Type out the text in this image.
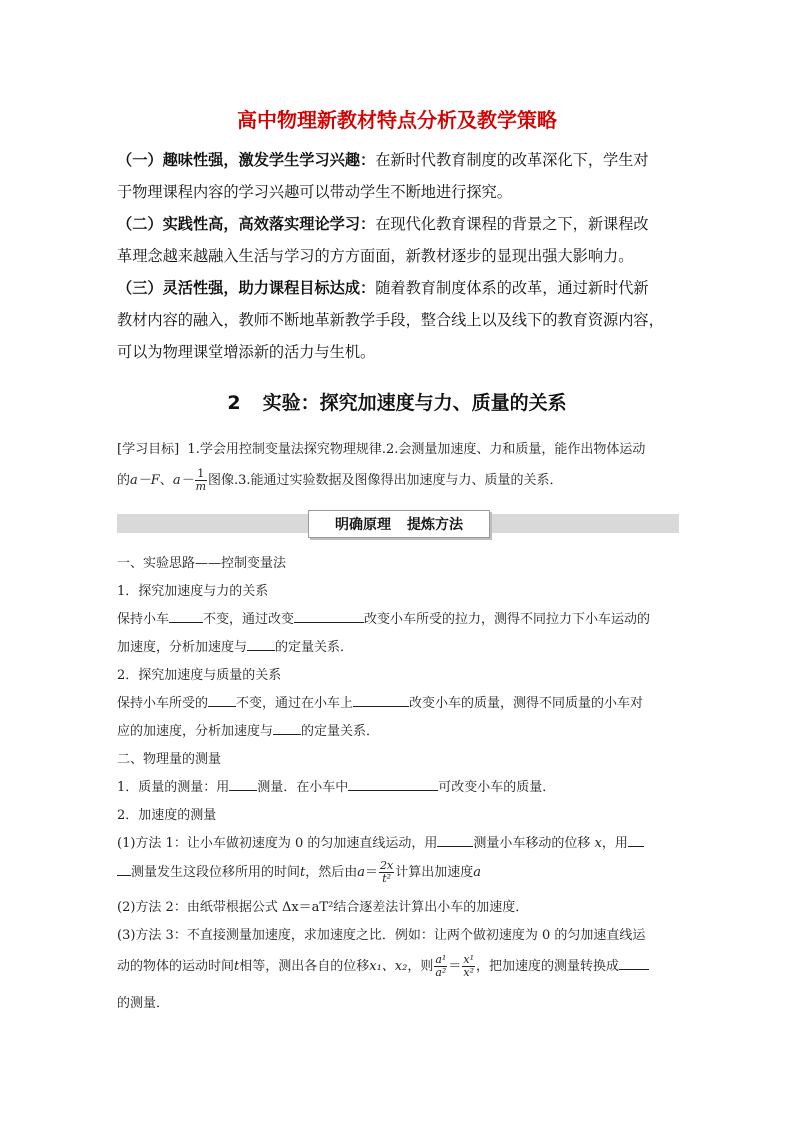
高中物理新教材特点分析及教学策略

（一）趣味性强，激发学生学习兴趣：在新时代教育制度的改革深化下，学生对

于物理课程内容的学习兴趣可以带动学生不断地进行探究。

（二）实践性高，高效落实理论学习：在现代化教育课程的背景之下，新课程改

革理念越来越融入生活与学习的方方面面，新教材逐步的显现出强大影响力。

（三）灵活性强，助力课程目标达成：随着教育制度体系的改革，通过新时代新

教材内容的融入，教师不断地革新教学手段，整合线上以及线下的教育资源内容，

可以为物理课堂增添新的活力与生机。

2 实验：探究加速度与力、质量的关系
[学习目标] 1.学会用控制变量法探究物理规律.2.会测量加速度、力和质量，能作出物体运动
的a－F、$a- \frac{1}{m}$ 图像.3.能通过实验数据及图像得出加速度与力、质量的关系．
明确原理 提炼方法
一、实验思路——控制变量法
1．探究加速度与力的关系
保持小车	不变，通过改变	改变小车所受的拉力，测得不同拉力下小车运动的
加速度，分析加速度与 的定量关系．
2．探究加速度与质量的关系
保持小车所受的 不变，通过在小车上	改变小车的质量，测得不同质量的小车对
应的加速度，分析加速度与 的定量关系．
二、物理量的测量
1．质量的测量：用 测量．在小车中	可改变小车的质量．
2．加速度的测量
(1)方法 1：让小车做初速度为 0 的匀加速直线运动，用	测量小车移动的位移 x，用
测量发生这段位移所用的时间t，然后由$a= \frac{2x}{\text{t²}}$ 计算出加速度a
(2)方法 2：由纸带根据公式 Δx＝aT²结合逐差法计算出小车的加速度．
(3)方法 3：不直接测量加速度，求加速度之比．例如：让两个做初速度为 0 的匀加速直线运
动的物体的运动时间t相等，测出各自的位移x₁、x₂，则 $\frac{\text{a¹}}{\text{a²}} = \frac{\text{x¹}}{\text{x²}}$ ，把加速度的测量转换成
的测量．
